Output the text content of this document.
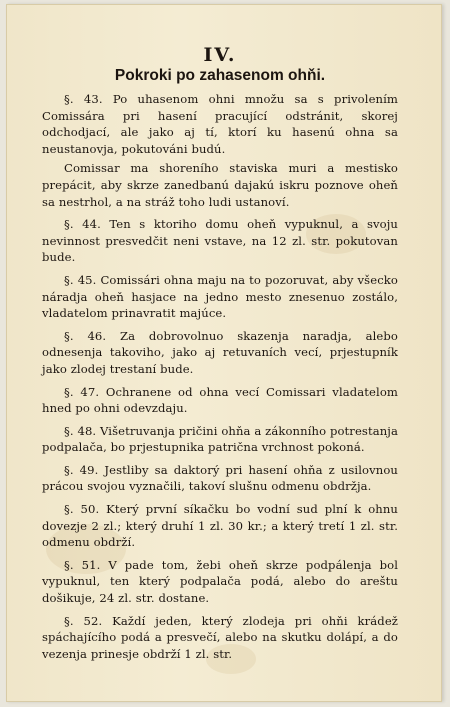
IV.
Pokroki po zahasenom ohňi.

§. 43. Po uhasenom ohni množu sa s privolením Comissára pri hasení pracující odstránit, skorej odchodjací, ale jako aj tí, ktorí ku hasenú ohna sa neustanovja, pokutováni budú.

Comissar ma shoreního staviska muri a mestisko prepácit, aby skrze zanedbanú dajakú iskru poznove oheň sa nestrhol, a na stráž toho ludi ustanoví.

§. 44. Ten s ktoriho domu oheň vypuknul, a svoju nevinnost presvedčit neni vstave, na 12 zl. str. pokutovan bude.

§. 45. Comissári ohna maju na to pozoruvat, aby všecko náradja oheň hasjace na jedno mesto znesenuo zostálo, vladatelom prinavratit majúce.

§. 46. Za dobrovolnuo skazenja naradja, alebo odnesenja takoviho, jako aj retuvaních vecí, prjestupník jako zlodej trestaní bude.

§. 47. Ochranene od ohna vecí Comissari vladatelom hned po ohni odevzdaju.

§. 48. Višetruvanja pričini ohňa a zákonního potrestanja podpalača, bo prjestupnika patrična vrchnost pokoná.

§. 49. Jestliby sa daktorý pri hasení ohňa z usilovnou prácou svojou vyznačili, takoví slušnu odmenu obdržja.

§. 50. Který první síkačku bo vodní sud plní k ohnu dovezje 2 zl.; který druhí 1 zl. 30 kr.; a který tretí 1 zl. str. odmenu obdrží.

§. 51. V pade tom, žebi oheň skrze podpálenja bol vypuknul, ten který podpalača podá, alebo do areštu došikuje, 24 zl. str. dostane.

§. 52. Každí jeden, který zlodeja pri ohňi krádež spáchajícího podá a presvečí, alebo na skutku dolápí, a do vezenja prinesje obdrží 1 zl. str.
